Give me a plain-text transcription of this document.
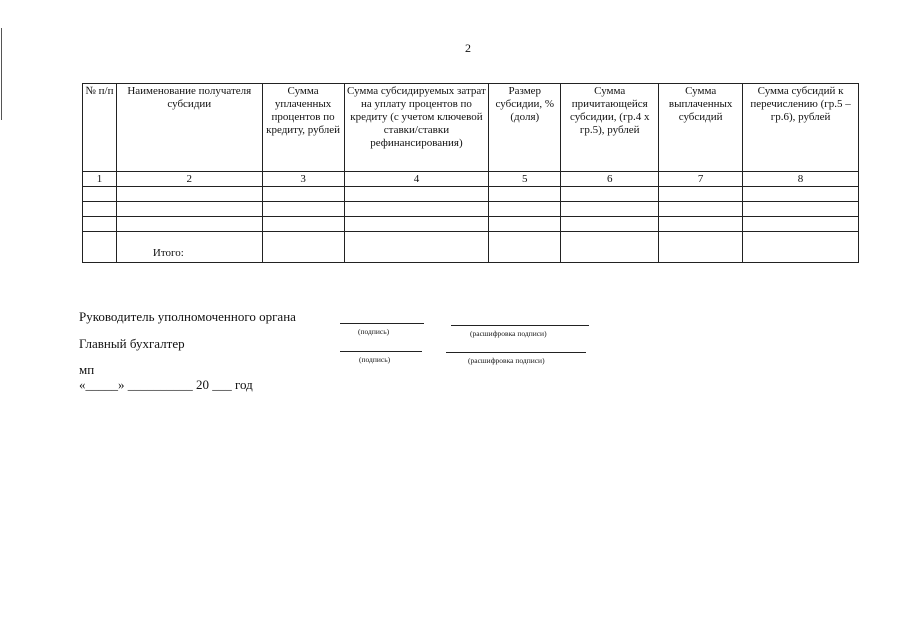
2
№ п/п	Наименование получателя субсидии	Сумма уплаченных процентов по кредиту, рублей	Сумма субсидируемых затрат на уплату процентов по кредиту (с учетом ключевой ставки/ставки рефинансирования)	Размер субсидии, % (доля)	Сумма причитающейся субсидии, (гр.4 х гр.5), рублей	Сумма выплаченных субсидий	Сумма субсидий к перечислению (гр.5 – гр.6), рублей
1	2	3	4	5	6	7	8

	Итого:						
Руководитель уполномоченного органа
(подпись)	(расшифровка подписи)
Главный бухгалтер
(подпись)	(расшифровка подписи)
мп
«_____» __________ 20 ___ год
